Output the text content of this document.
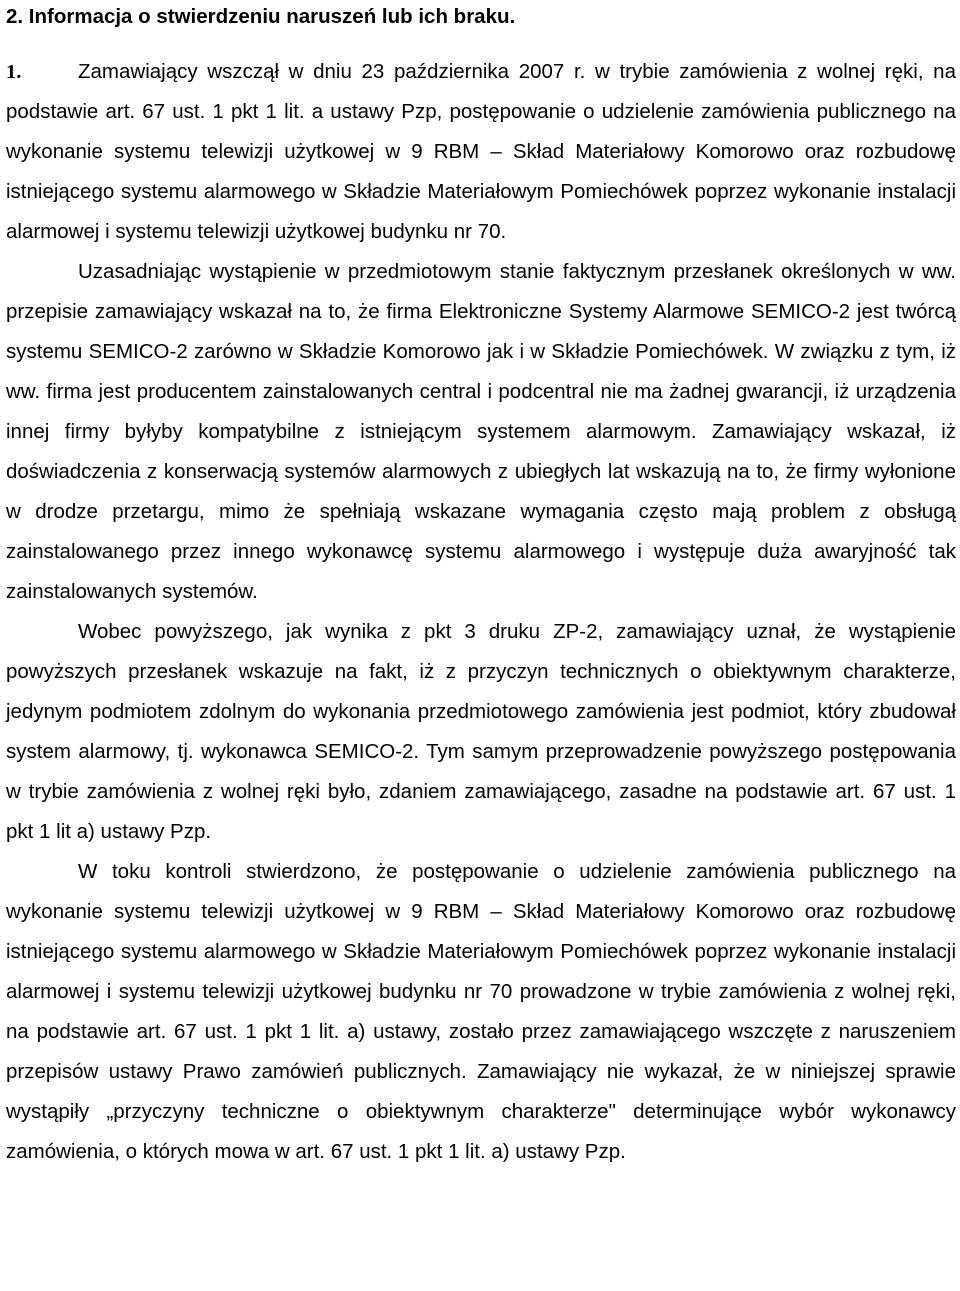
2. Informacja o stwierdzeniu naruszeń lub ich braku.

1.	Zamawiający wszczął w dniu 23 października 2007 r. w trybie zamówienia z wolnej ręki, na podstawie art. 67 ust. 1 pkt 1 lit. a ustawy Pzp, postępowanie o udzielenie zamówienia publicznego na wykonanie systemu telewizji użytkowej w 9 RBM – Skład Materiałowy Komorowo oraz rozbudowę istniejącego systemu alarmowego w Składzie Materiałowym Pomiechówek poprzez wykonanie instalacji alarmowej i systemu telewizji użytkowej budynku nr 70.

Uzasadniając wystąpienie w przedmiotowym stanie faktycznym przesłanek określonych w ww. przepisie zamawiający wskazał na to, że firma Elektroniczne Systemy Alarmowe SEMICO-2 jest twórcą systemu SEMICO-2 zarówno w Składzie Komorowo jak i w Składzie Pomiechówek. W związku z tym, iż ww. firma jest producentem zainstalowanych central i podcentral nie ma żadnej gwarancji, iż urządzenia innej firmy byłyby kompatybilne z istniejącym systemem alarmowym. Zamawiający wskazał, iż doświadczenia z konserwacją systemów alarmowych z ubiegłych lat wskazują na to, że firmy wyłonione w drodze przetargu, mimo że spełniają wskazane wymagania często mają problem z obsługą zainstalowanego przez innego wykonawcę systemu alarmowego i występuje duża awaryjność tak zainstalowanych systemów.

Wobec powyższego, jak wynika z pkt 3 druku ZP-2, zamawiający uznał, że wystąpienie powyższych przesłanek wskazuje na fakt, iż z przyczyn technicznych o obiektywnym charakterze, jedynym podmiotem zdolnym do wykonania przedmiotowego zamówienia jest podmiot, który zbudował system alarmowy, tj. wykonawca SEMICO-2. Tym samym przeprowadzenie powyższego postępowania w trybie zamówienia z wolnej ręki było, zdaniem zamawiającego, zasadne na podstawie art. 67 ust. 1 pkt 1 lit a) ustawy Pzp.

W toku kontroli stwierdzono, że postępowanie o udzielenie zamówienia publicznego na wykonanie systemu telewizji użytkowej w 9 RBM – Skład Materiałowy Komorowo oraz rozbudowę istniejącego systemu alarmowego w Składzie Materiałowym Pomiechówek poprzez wykonanie instalacji alarmowej i systemu telewizji użytkowej budynku nr 70 prowadzone w trybie zamówienia z wolnej ręki, na podstawie art. 67 ust. 1 pkt 1 lit. a) ustawy, zostało przez zamawiającego wszczęte z naruszeniem przepisów ustawy Prawo zamówień publicznych. Zamawiający nie wykazał, że w niniejszej sprawie wystąpiły „przyczyny techniczne o obiektywnym charakterze" determinujące wybór wykonawcy zamówienia, o których mowa w art. 67 ust. 1 pkt 1 lit. a) ustawy Pzp.
